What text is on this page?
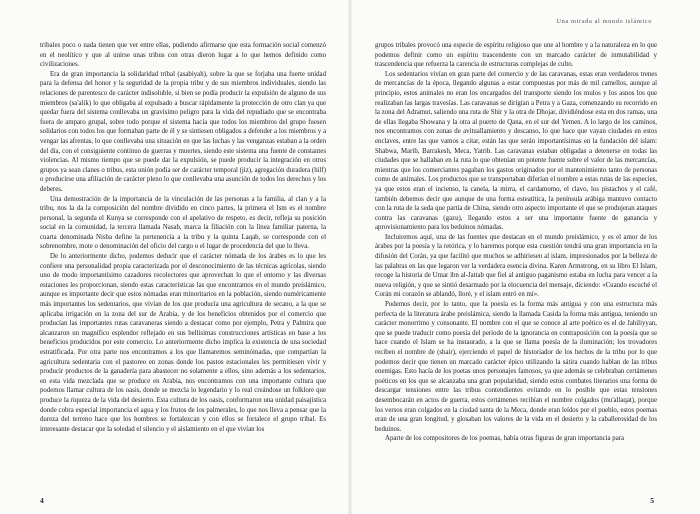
tribales poco o nada tienen que ver entre ellas, pudiendo afirmarse que esta formación social comenzó en el neolítico y que al unirse unas tribus con otras dieron lugar a lo que hemos definido como civilizaciones.

Era de gran importancia la solidaridad tribal (asabiyah), sobre la que se forjaba una fuerte unidad para la defensa del honor y la seguridad de la propia tribu y de sus miembros individuales, siendo las relaciones de parentesco de carácter indisoluble, si bien se podía producir la expulsión de alguno de sus miembros (sa'alik) lo que obligaba al expulsado a buscar rápidamente la protección de otro clan ya que quedar fuera del sistema conllevaba un gravísimo peligro para la vida del repudiado que se encontraba fuera de amparo grupal, sobre todo porque el sistema hacía que todos los miembros del grupo fuesen solidarios con todos los que formaban parte de él y se sintiesen obligados a defender a los miembros y a vengar las afrentas, lo que conllevaba una situación en que las luchas y las venganzas estaban a la orden del día, con el consiguiente continuo de guerras y muertes, siendo este sistema una fuente de constantes violencias. Al mismo tiempo que se puede dar la expulsión, se puede producir la integración en otros grupos ya sean clanes o tribus, esta unión podía ser de carácter temporal (jiz), agregación duradera (hilf) o producirse una afiliación de carácter pleno lo que conllevaba una asunción de todos los derechos y los deberes.

Una demostración de la importancia de la vinculación de las personas a la familia, al clan y a la tribu, nos la da la composición del nombre dividido en cinco partes, la primera el Ism es el nombre personal, la segunda el Kunya se corresponde con el apelativo de respeto, es decir, refleja su posición social en la comunidad, la tercera llamada Nasab, marca la filiación con la línea familiar paterna, la cuarta denominada Nisba define la pertenencia a la tribu y la quinta Laqab, se corresponde con el sobrenombre, mote o denominación del oficio del cargo o el lugar de procedencia del que lo lleva.

De lo anteriormente dicho, podemos deducir que el carácter nómada de los árabes es lo que les confiere una personalidad propia caracterizada por el desconocimiento de las técnicas agrícolas, siendo uno de modo importantísimo cazadores recolectores que aprovechan lo que el entorno y las diversas estaciones les proporcionan, siendo estas características las que encontramos en el mundo preislámico, aunque es importante decir que estos nómadas eran minoritarios en la población, siendo numéricamente más importantes los sedentarios, que vivían de los que producía una agricultura de secano, a la que se aplicaba irrigación en la zona del sur de Arabia, y de los beneficios obtenidos por el comercio que producían las importantes rutas caravaneras siendo a destacar como por ejemplo, Petra y Palmira que alcanzaron un magnífico esplendor reflejado en sus bellísimas construcciones artísticas en base a los beneficios producidos por este comercio. Lo anteriormente dicho implica la existencia de una sociedad estratificada. Por otra parte nos encontramos a los que llamaremos seminómadas, que compartían la agricultura sedentaria con el pastoreo en zonas donde los pastos estacionales les permitiesen vivir y producir productos de la ganadería para abastecer no solamente a ellos, sino además a los sedentarios, en esta vida mezclada que se produce en Arabia, nos encontramos con una importante cultura que podemos llamar cultura de los oasis, donde se mezcla lo legendario y lo real creándose un folklore que produce la riqueza de la vida del desierto. Esta cultura de los oasis, conformaron una unidad paisajística donde cobra especial importancia el agua y los frutos de los palmerales, lo que nos lleva a pensar que la dureza del terreno hace que los hombres se fortalezcan y con ellos se fortalece el grupo tribal. Es interesante destacar que la soledad el silencio y el aislamiento en el que vivían los

4
Una mirada al mundo islámico

grupos tribales provocó una especie de espíritu religioso que une al hombre y a la naturaleza en lo que podemos definir como un espíritu trascendente con un marcado carácter de inmutabilidad y trascendencia que refuerza la carencia de estructuras complejas de culto.

Los sedentarios vivían en gran parte del comercio y de las caravanas, estas eran verdaderos trenes de mercancías de la época, llegando algunas a estar compuestas por más de mil camellos, aunque al principio, estos animales no eran los encargados del transporte siendo los mulos y los asnos los que realizaban las largas travesías. Las caravanas se dirigían a Petra y a Gaza, comenzando su recorrido en la zona del Adramut, saliendo una ruta de Shir y la otra de Dhojar, dividiéndose esta en dos ramas, una de ellas llegaba Showana y la otra al puerto de Qana, en el sur del Yemen. A lo largo de los caminos, nos encontramos con zonas de avituallamiento y descanso, lo que hace que vayan ciudades en estos enclaves, entre las que vamos a citar, están las que serán importantísimas en la fundación del islam: Shabwa, Marib, Barrakesh, Meca, Yatrib. Las caravanas estaban obligadas a detenerse en todas las ciudades que se hallaban en la ruta lo que obtenían un potente fuente sobre el valor de las mercancías, mientras que los comerciantes pagaban los gastos originados por el mantenimiento tanto de personas como de animales. Los productos que se transportaban diferían el nombre a estas rutas de las especies, ya que estos eran el incienso, la canela, la mirra, el cardamomo, el clavo, los pistachos y el café, también debemos decir que aunque de una forma esteatítica, la península arábiga mantuvo contacto con la ruta de la seda que partía de China, siendo otro aspecto importante el que se produjeran ataques contra las caravanas (gazu), llegando estos a ser una importante fuente de ganancia y aprovisionamiento para los beduinos nómadas.

Incluiremos aquí, una de las fuentes que destacan en el mundo preislámico, y es el amor de los árabes por la poesía y la retórica, y lo haremos porque esta cuestión tendrá una gran importancia en la difusión del Corán, ya que facilitó que muchos se adhiriesen al islam, impresionados por la belleza de las palabras en las que legaron ver la verdadera esencia divina. Karen Armstrong, en su libro El Islam, recoge la historia de Umar ibn al-Jattab que fiel al antiguo paganismo estaba en lucha para vencer a la nueva religión, y que se sintió desarmado por la elocuencia del mensaje, diciendo: «Cuando escuché el Corán mi corazón se ablandó, lloré, y el islam entró en mí».

Podemos decir, por lo tanto, que la poesía es la forma más antigua y con una estructura más perfecta de la literatura árabe preislámica, siendo la llamada Casida la forma más antigua, teniendo un carácter monorrimo y consonante. El nombre con el que se conoce al arte poético es el de Jahiliyyan, que se puede traducir como poesía del período de la ignorancia en contraposición con la poesía que se hace cuando el Islam se ha instaurado, a la que se llama poesía de la iluminación; los trovadores reciben el nombre de (shair), ejerciendo el papel de historiador de los hechos de la tribu por lo que podemos decir que tienen un marcado carácter épico utilizando la sátira cuando hablan de las tribus enemigas. Esto hacía de los poetas unos personajes famosos, ya que además se celebraban certámenes poéticos en los que se alcanzaba una gran popularidad, siendo estos combates literarios una forma de descargar tensiones entre las tribus contendientes evitando en lo posible que estas tensiones desembocarán en actos de guerra, estos certámenes recibían el nombre colgados (mu'allaqat), porque los versos eran colgados en la ciudad santa de la Meca, donde eran leídos por el pueblo, estos poemas eran de una gran longitud, y glosaban los valores de la vida en el desierto y la caballerosidad de los beduinos.

Aparte de los compositores de los poemas, había otras figuras de gran importancia para

5
